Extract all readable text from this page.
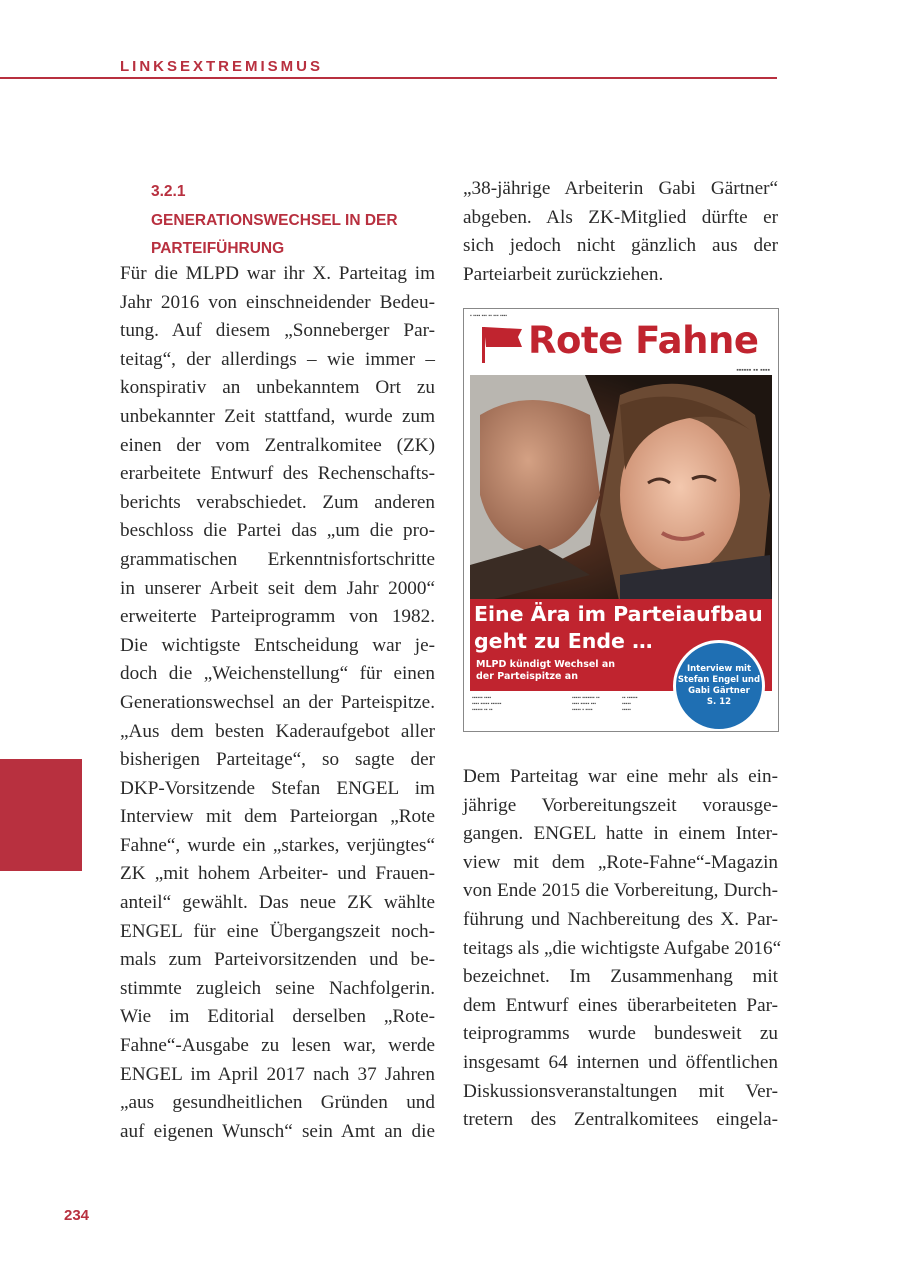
LINKSEXTREMISMUS
3.2.1
GENERATIONSWECHSEL IN DER
PARTEIFÜHRUNG
Für die MLPD war ihr X. Parteitag im
Jahr 2016 von einschneidender Bedeu-
tung. Auf diesem „Sonneberger Par-
teitag“, der allerdings – wie immer –
konspirativ an unbekanntem Ort zu
unbekannter Zeit stattfand, wurde zum
einen der vom Zentralkomitee (ZK)
erarbeitete Entwurf des Rechenschafts-
berichts verabschiedet. Zum anderen
beschloss die Partei das „um die pro-
grammatischen Erkenntnisfortschritte
in unserer Arbeit seit dem Jahr 2000“
erweiterte Parteiprogramm von 1982.
Die wichtigste Entscheidung war je-
doch die „Weichenstellung“ für einen
Generationswechsel an der Parteispitze.
„Aus dem besten Kaderaufgebot aller
bisherigen Parteitage“, so sagte der
DKP-Vorsitzende Stefan ENGEL im
Interview mit dem Parteiorgan „Rote
Fahne“, wurde ein „starkes, verjüngtes“
ZK „mit hohem Arbeiter- und Frauen-
anteil“ gewählt. Das neue ZK wählte
ENGEL für eine Übergangszeit noch-
mals zum Parteivorsitzenden und be-
stimmte zugleich seine Nachfolgerin.
Wie im Editorial derselben „Rote-
Fahne“-Ausgabe zu lesen war, werde
ENGEL im April 2017 nach 37 Jahren
„aus gesundheitlichen Gründen und
auf eigenen Wunsch“ sein Amt an die
„38-jährige Arbeiterin Gabi Gärtner“
abgeben. Als ZK-Mitglied dürfte er
sich jedoch nicht gänzlich aus der
Parteiarbeit zurückziehen.
▪ ▪▪▪▪ ▪▪▪ ▪▪ ▪▪▪ ▪▪▪▪
Rote Fahne
▪▪▪▪▪▪ ▪▪ ▪▪▪▪
Eine Ära im Parteiaufbau
geht zu Ende …
MLPD kündigt Wechsel an
der Parteispitze an
Interview mit
Stefan Engel und
Gabi Gärtner
S. 12
▪▪▪▪▪▪ ▪▪▪▪
▪▪▪▪ ▪▪▪▪▪ ▪▪▪▪▪▪
▪▪▪▪▪▪ ▪▪ ▪▪
▪▪▪▪▪ ▪▪▪▪▪▪▪ ▪▪
▪▪▪▪ ▪▪▪▪▪ ▪▪▪
▪▪▪▪▪ ▪ ▪▪▪▪
▪▪ ▪▪▪▪▪▪
▪▪▪▪▪
▪▪▪▪▪
Dem Parteitag war eine mehr als ein-
jährige Vorbereitungszeit vorausge-
gangen. ENGEL hatte in einem Inter-
view mit dem „Rote-Fahne“-Magazin
von Ende 2015 die Vorbereitung, Durch-
führung und Nachbereitung des X. Par-
teitags als „die wichtigste Aufgabe 2016“
bezeichnet. Im Zusammenhang mit
dem Entwurf eines überarbeiteten Par-
teiprogramms wurde bundesweit zu
insgesamt 64 internen und öffentlichen
Diskussionsveranstaltungen mit Ver-
tretern des Zentralkomitees eingela-
234
